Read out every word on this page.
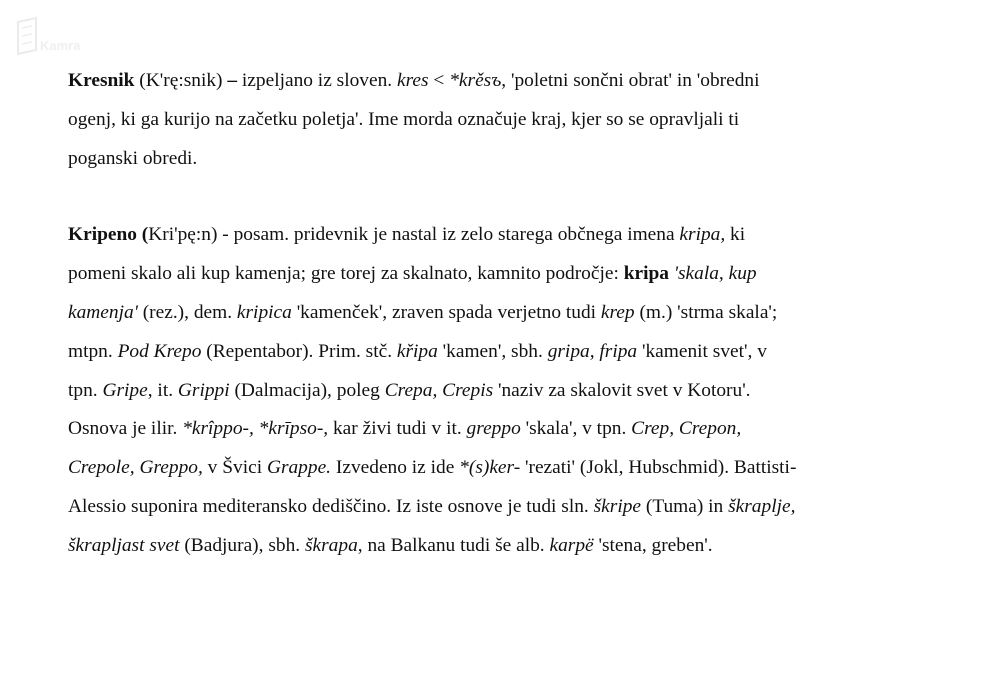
Kamra

Kresnik (K'rę:snik) – izpeljano iz sloven. kres < *krěsъ, 'poletni sončni obrat' in 'obredni
ogenj, ki ga kurijo na začetku poletja'. Ime morda označuje kraj, kjer so se opravljali ti
poganski obredi.

Kripeno (Kri'pę:n) - posam. pridevnik je nastal iz zelo starega občnega imena kripa, ki
pomeni skalo ali kup kamenja; gre torej za skalnato, kamnito področje: kripa 'skala, kup
kamenja' (rez.), dem. kripica 'kamenček', zraven spada verjetno tudi krep (m.) 'strma skala';
mtpn. Pod Krepo (Repentabor). Prim. stč. křipa 'kamen', sbh. gripa, fripa 'kamenit svet', v
tpn. Gripe, it. Grippi (Dalmacija), poleg Crepa, Crepis 'naziv za skalovit svet v Kotoru'.
Osnova je ilir. *krîppo-, *krīpso-, kar živi tudi v it. greppo 'skala', v tpn. Crep, Crepon,
Crepole, Greppo, v Švici Grappe. Izvedeno iz ide *(s)ker- 'rezati' (Jokl, Hubschmid). Battisti-
Alessio suponira mediteransko dediščino. Iz iste osnove je tudi sln. škripe (Tuma) in škraplje,
škrapljast svet (Badjura), sbh. škrapa, na Balkanu tudi še alb. karpë 'stena, greben'.
